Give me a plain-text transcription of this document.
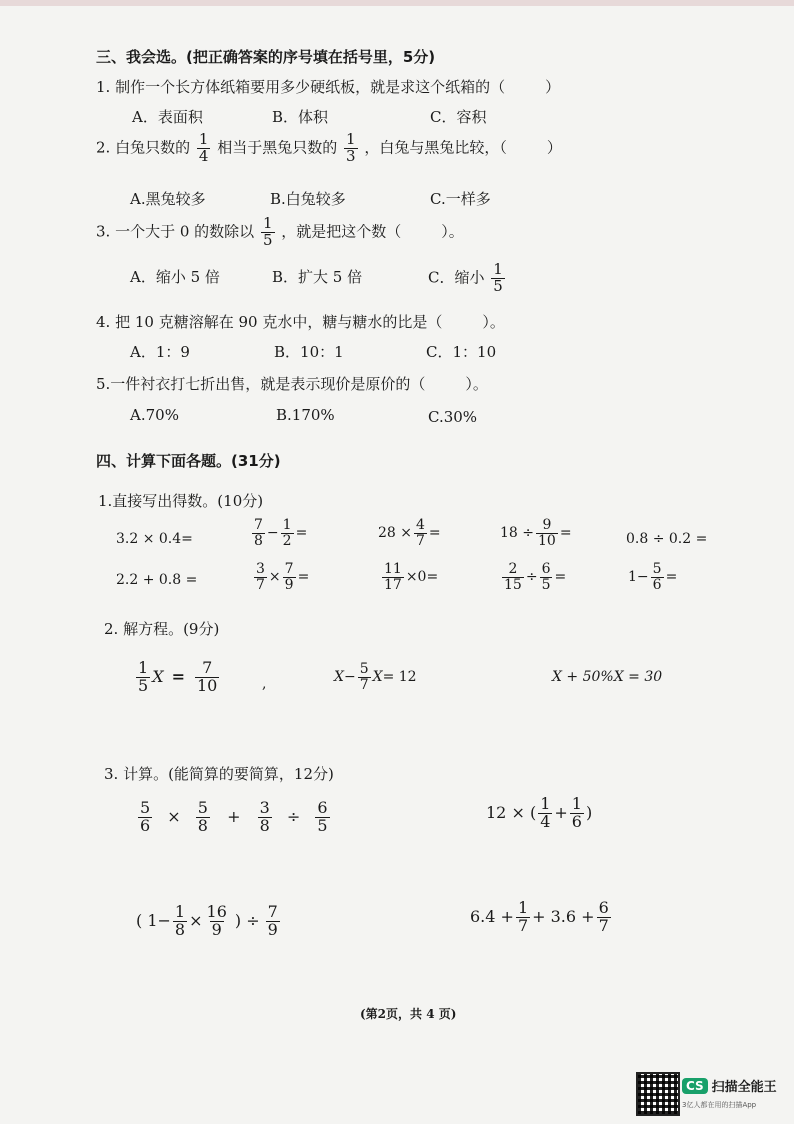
三、我会选。(把正确答案的序号填在括号里，5分)
1. 制作一个长方体纸箱要用多少硬纸板，就是求这个纸箱的（	）
A．表面积	B．体积	C．容积
2. 白兔只数的 $\frac{1}{4}$ 相当于黑兔只数的 $\frac{1}{3}$ ，白兔与黑兔比较，（	）
A.黑兔较多	B.白兔较多	C.一样多
3. 一个大于 0 的数除以 $\frac{1}{5}$ ，就是把这个数（	）。
A．缩小 5 倍	B．扩大 5 倍	C．缩小 $\frac{1}{5}$
4. 把 10 克糖溶解在 90 克水中，糖与糖水的比是（	）。
A．1：9	B．10：1	C．1：10
5.一件衬衣打七折出售，就是表示现价是原价的（	）。
A.70%	B.170%	C.30%
四、计算下面各题。(31分)
1.直接写出得数。(10分)
3.2 × 0.4=	$\frac{7}{8} - \frac{1}{2}$ =	$28 \times \frac{4}{7}$ =	$18 \div \frac{9}{10}$ =	0.8 ÷ 0.2 =
2.2 + 0.8 =	$\frac{3}{7} \times \frac{7}{9}$ =	$\frac{11}{17} \times 0=$	$\frac{2}{15} \div \frac{6}{5}$ =	$1- \frac{5}{6}$ =
2. 解方程。(9分)
$\frac{1}{5}$ $X = \frac{7}{10}$	,	$X- \frac{5}{7} X= 12$	X + 50%X = 30
3. 计算。(能简算的要简算，12分)
$\frac{5}{6} \times \frac{5}{8} + \frac{3}{8} \div \frac{6}{5}$	12 × ( $\frac{1}{4} + \frac{1}{6}$ )
( $1- \frac{1}{8} \times \frac{16}{9}$ ) ÷ $\frac{7}{9}$	$6.4 + \frac{1}{7} + 3.6 + \frac{6}{7}$
(第2页，共 4 页)
CS 扫描全能王
3亿人都在用的扫描App
